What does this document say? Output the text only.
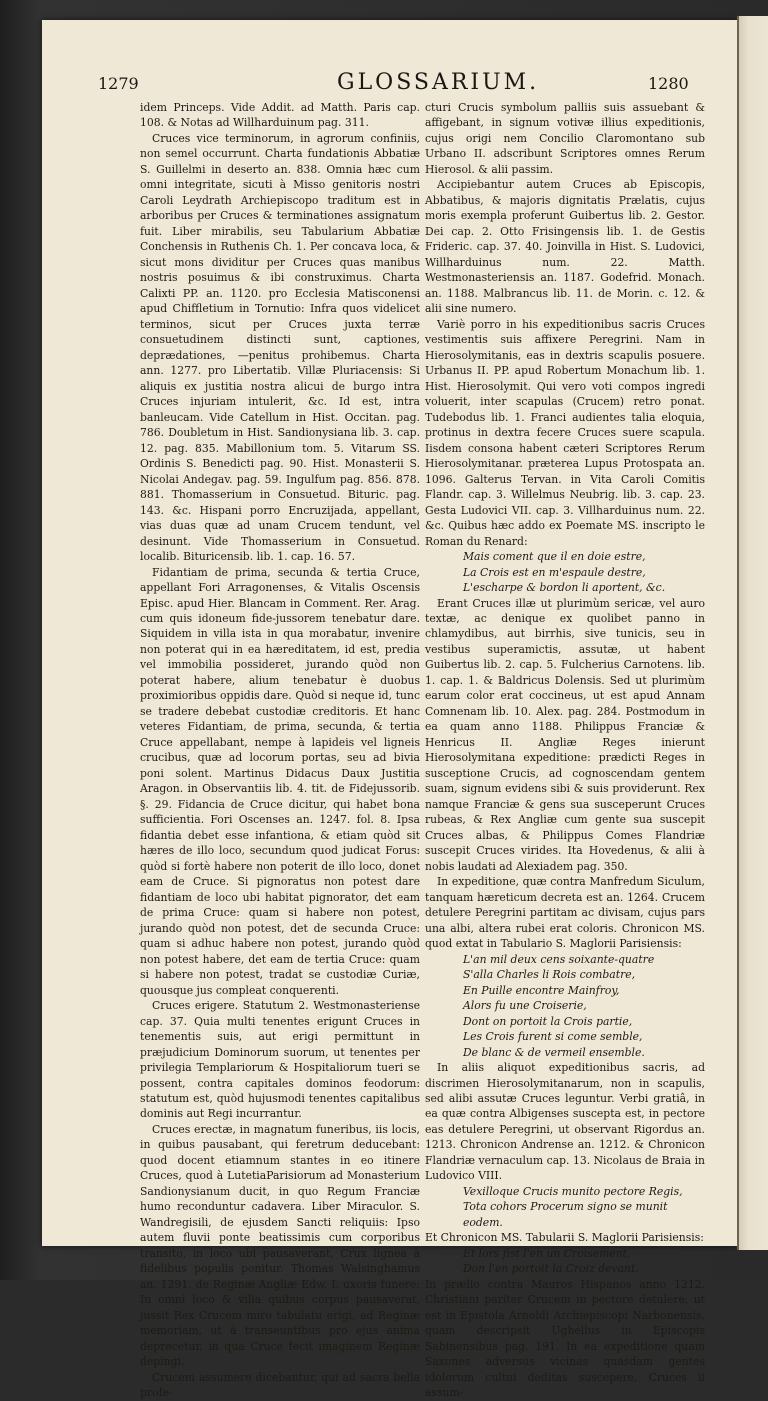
1279	GLOSSARIUM.	1280

idem Princeps. Vide Addit. ad Matth. Paris cap. 108. & Notas ad Willharduinum pag. 311.

Cruces vice terminorum, in agrorum confiniis, non semel occurrunt. Charta fundationis Abbatiæ S. Guillelmi in deserto an. 838. Omnia hæc cum omni integritate, sicuti à Misso genitoris nostri Caroli Leydrath Archiepiscopo traditum est in arboribus per Cruces & terminationes assignatum fuit. Liber mirabilis, seu Tabularium Abbatiæ Conchensis in Ruthenis Ch. 1. Per concava loca, & sicut mons dividitur per Cruces quas manibus nostris posuimus & ibi construximus. Charta Calixti PP. an. 1120. pro Ecclesia Matisconensi apud Chiffletium in Tornutio: Infra quos videlicet terminos, sicut per Cruces juxta terræ consuetudinem distincti sunt, captiones, deprædationes, —penitus prohibemus. Charta ann. 1277. pro Libertatib. Villæ Pluriacensis: Si aliquis ex justitia nostra alicui de burgo intra Cruces injuriam intulerit, &c. Id est, intra banleucam. Vide Catellum in Hist. Occitan. pag. 786. Doubletum in Hist. Sandionysiana lib. 3. cap. 12. pag. 835. Mabillonium tom. 5. Vitarum SS. Ordinis S. Benedicti pag. 90. Hist. Monasterii S. Nicolai Andegav. pag. 59. Ingulfum pag. 856. 878. 881. Thomasserium in Consuetud. Bituric. pag. 143. &c. Hispani porro Encruzijada, appellant, vias duas quæ ad unam Crucem tendunt, vel desinunt. Vide Thomasserium in Consuetud. localib. Bituricensib. lib. 1. cap. 16. 57.

Fidantiam de prima, secunda & tertia Cruce, appellant Fori Arragonenses, & Vitalis Oscensis Episc. apud Hier. Blancam in Comment. Rer. Arag. cum quis idoneum fide-jussorem tenebatur dare. Siquidem in villa ista in qua morabatur, invenire non poterat qui in ea hæreditatem, id est, predia vel immobilia possideret, jurando quòd non poterat habere, alium tenebatur è duobus proximioribus oppidis dare. Quòd si neque id, tunc se tradere debebat custodiæ creditoris. Et hanc veteres Fidantiam, de prima, secunda, & tertia Cruce appellabant, nempe à lapideis vel ligneis crucibus, quæ ad locorum portas, seu ad bivia poni solent. Martinus Didacus Daux Justitia Aragon. in Observantiis lib. 4. tit. de Fidejussorib. §. 29. Fidancia de Cruce dicitur, qui habet bona sufficientia. Fori Oscenses an. 1247. fol. 8. Ipsa fidantia debet esse infantiona, & etiam quòd sit hæres de illo loco, secundum quod judicat Forus: quòd si fortè habere non poterit de illo loco, donet eam de Cruce. Si pignoratus non potest dare fidantiam de loco ubi habitat pignorator, det eam de prima Cruce: quam si habere non potest, jurando quòd non potest, det de secunda Cruce: quam si adhuc habere non potest, jurando quòd non potest habere, det eam de tertia Cruce: quam si habere non potest, tradat se custodiæ Curiæ, quousque jus compleat conquerenti.

Cruces erigere. Statutum 2. Westmonasteriense cap. 37. Quia multi tenentes erigunt Cruces in tenementis suis, aut erigi permittunt in præjudicium Dominorum suorum, ut tenentes per privilegia Templariorum & Hospitaliorum tueri se possent, contra capitales dominos feodorum: statutum est, quòd hujusmodi tenentes capitalibus dominis aut Regi incurrantur.

Cruces erectæ, in magnatum funeribus, iis locis, in quibus pausabant, qui feretrum deducebant: quod docent etiamnum stantes in eo itinere Cruces, quod à LutetiaParisiorum ad Monasterium Sandionysianum ducit, in quo Regum Franciæ humo reconduntur cadavera. Liber Miraculor. S. Wandregisili, de ejusdem Sancti reliquiis: Ipso autem fluvii ponte beatissimis cum corporibus transito, in loco ubi pausaverant, Crux lignea à fidelibus populis ponitur. Thomas Walsinghamus an. 1291. de Reginæ Angliæ Edw. I. uxoris funere: In omni loco & villa quibus corpus pausaverat, jussit Rex Crucem miro tabulatu erigi, ad Reginæ memoriam, ut à transeuntibus pro ejus anima deprecetur, in qua Cruce fecit imaginem Reginæ depingi.

Crucem assumere dicebantur, qui ad sacra bella profe-

cturi Crucis symbolum palliis suis assuebant & affigebant, in signum votivæ illius expeditionis, cujus origi nem Concilio Claromontano sub Urbano II. adscribunt Scriptores omnes Rerum Hierosol. & alii passim.

Accipiebantur autem Cruces ab Episcopis, Abbatibus, & majoris dignitatis Prælatis, cujus moris exempla proferunt Guibertus lib. 2. Gestor. Dei cap. 2. Otto Frisingensis lib. 1. de Gestis Frideric. cap. 37. 40. Joinvilla in Hist. S. Ludovici, Willharduinus num. 22. Matth. Westmonasteriensis an. 1187. Godefrid. Monach. an. 1188. Malbrancus lib. 11. de Morin. c. 12. & alii sine numero.

Variè porro in his expeditionibus sacris Cruces vestimentis suis affixere Peregrini. Nam in Hierosolymitanis, eas in dextris scapulis posuere. Urbanus II. PP. apud Robertum Monachum lib. 1. Hist. Hierosolymit. Qui vero voti compos ingredi voluerit, inter scapulas (Crucem) retro ponat. Tudebodus lib. 1. Franci audientes talia eloquia, protinus in dextra fecere Cruces suere scapula. Iisdem consona habent cæteri Scriptores Rerum Hierosolymitanar. præterea Lupus Protospata an. 1096. Galterus Tervan. in Vita Caroli Comitis Flandr. cap. 3. Willelmus Neubrig. lib. 3. cap. 23. Gesta Ludovici VII. cap. 3. Villharduinus num. 22. &c. Quibus hæc addo ex Poemate MS. inscripto le Roman du Renard:

Mais coment que il en doie estre,

La Crois est en m'espaule destre,

L'escharpe & bordon li aportent, &c.

Erant Cruces illæ ut plurimùm sericæ, vel auro textæ, ac denique ex quolibet panno in chlamydibus, aut birrhis, sive tunicis, seu in vestibus superamictis, assutæ, ut habent Guibertus lib. 2. cap. 5. Fulcherius Carnotens. lib. 1. cap. 1. & Baldricus Dolensis. Sed ut plurimùm earum color erat coccineus, ut est apud Annam Comnenam lib. 10. Alex. pag. 284. Postmodum in ea quam anno 1188. Philippus Franciæ & Henricus II. Angliæ Reges inierunt Hierosolymitana expeditione: prædicti Reges in susceptione Crucis, ad cognoscendam gentem suam, signum evidens sibi & suis providerunt. Rex namque Franciæ & gens sua susceperunt Cruces rubeas, & Rex Angliæ cum gente sua suscepit Cruces albas, & Philippus Comes Flandriæ suscepit Cruces virides. Ita Hovedenus, & alii à nobis laudati ad Alexiadem pag. 350.

In expeditione, quæ contra Manfredum Siculum, tanquam hæreticum decreta est an. 1264. Crucem detulere Peregrini partitam ac divisam, cujus pars una albi, altera rubei erat coloris. Chronicon MS. quod extat in Tabulario S. Maglorii Parisiensis:

L'an mil deux cens soixante-quatre

S'alla Charles li Rois combatre,

En Puille encontre Mainfroy,

Alors fu une Croiserie,

Dont on portoit la Crois partie,

Les Crois furent si come semble,

De blanc & de vermeil ensemble.

In aliis aliquot expeditionibus sacris, ad discrimen Hierosolymitanarum, non in scapulis, sed alibi assutæ Cruces leguntur. Verbi gratiâ, in ea quæ contra Albigenses suscepta est, in pectore eas detulere Peregrini, ut observant Rigordus an. 1213. Chronicon Andrense an. 1212. & Chronicon Flandriæ vernaculum cap. 13. Nicolaus de Braia in Ludovico VIII.

Vexilloque Crucis munito pectore Regis,

Tota cohors Procerum signo se munit eodem.

Et Chronicon MS. Tabularii S. Maglorii Parisiensis:

Et lors fist l'en un Croisement,

Don l'en portoit la Croiz devant.

In prælio contra Mauros Hispanos anno 1212. Christiani pariter Crucem in pectore detulere, ut est in Epistola Arnoldi Archiepiscopi Narbonensis, quam descripsit Ughellus in Episcopis Sabinensibus pag. 191. In ea expeditione quam Saxones adversus vicinas quasdam gentes idolorum cultui deditas suscepere, Cruces ii assum-
